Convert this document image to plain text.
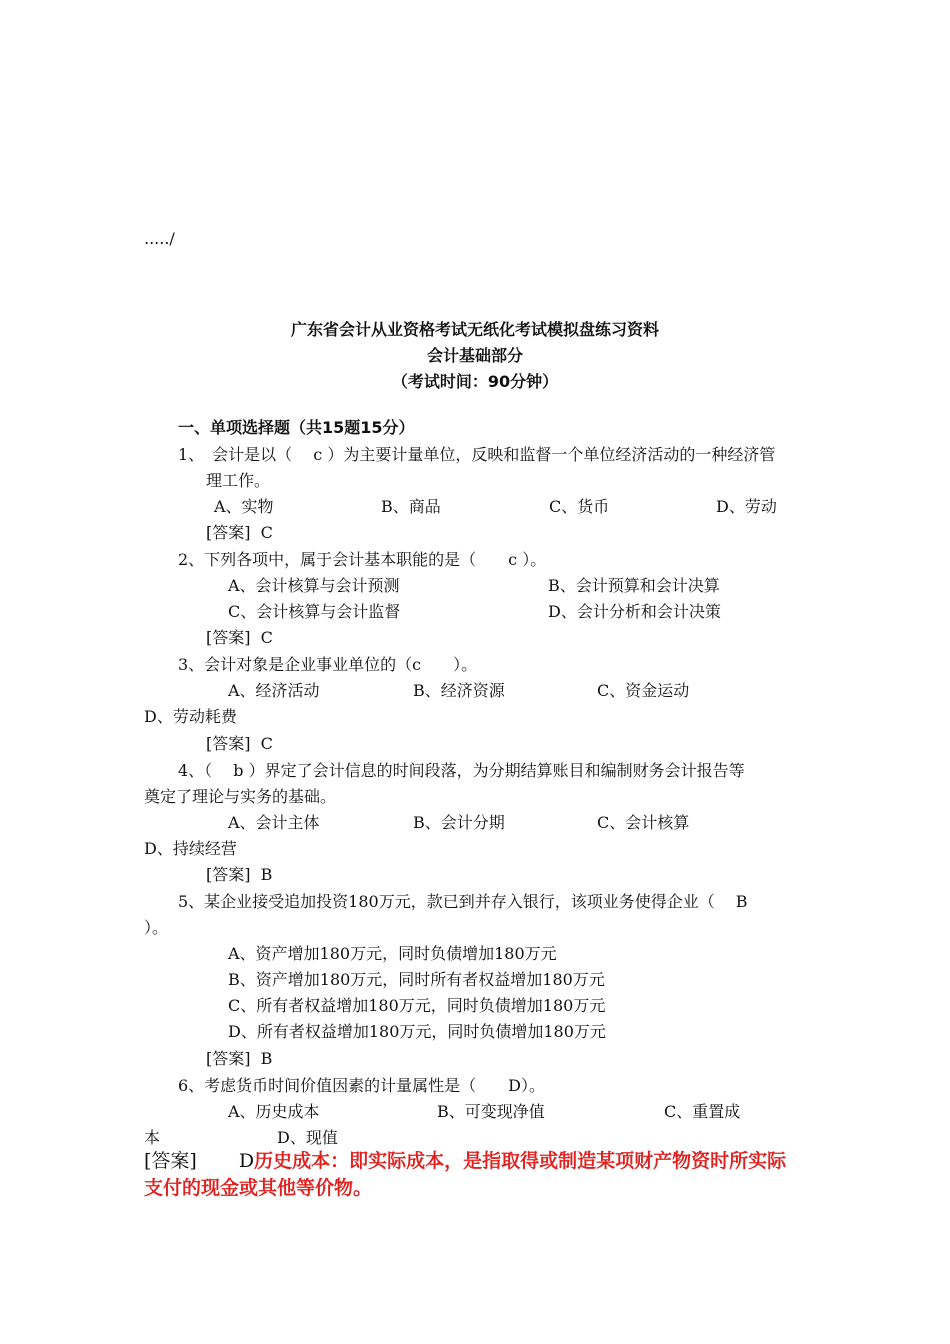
...../
广东省会计从业资格考试无纸化考试模拟盘练习资料
会计基础部分
（考试时间：90分钟）
一、单项选择题（共15题15分）
1、　会计是以（　 c ）为主要计量单位，反映和监督一个单位经济活动的一种经济管
理工作。
A、实物	B、商品	C、货币	D、劳动
[答案] C
2、下列各项中，属于会计基本职能的是（　　c ）。
A、会计核算与会计预测	B、会计预算和会计决算
C、会计核算与会计监督	D、会计分析和会计决策
[答案] C
3、会计对象是企业事业单位的（c　　）。
A、经济活动	B、经济资源	C、资金运动
D、劳动耗费
[答案] C
4、（　 b ）界定了会计信息的时间段落，为分期结算账目和编制财务会计报告等
奠定了理论与实务的基础。
A、会计主体	B、会计分期	C、会计核算
D、持续经营
[答案] B
5、某企业接受追加投资180万元，款已到并存入银行，该项业务使得企业（　 B
）。
A、资产增加180万元，同时负债增加180万元
B、资产增加180万元，同时所有者权益增加180万元
C、所有者权益增加180万元，同时负债增加180万元
D、所有者权益增加180万元，同时负债增加180万元
[答案] B
6、考虑货币时间价值因素的计量属性是（　　D）。
A、历史成本	B、可变现净值	C、重置成
本	D、现值
[答案] D历史成本：即实际成本，是指取得或制造某项财产物资时所实际
支付的现金或其他等价物。
